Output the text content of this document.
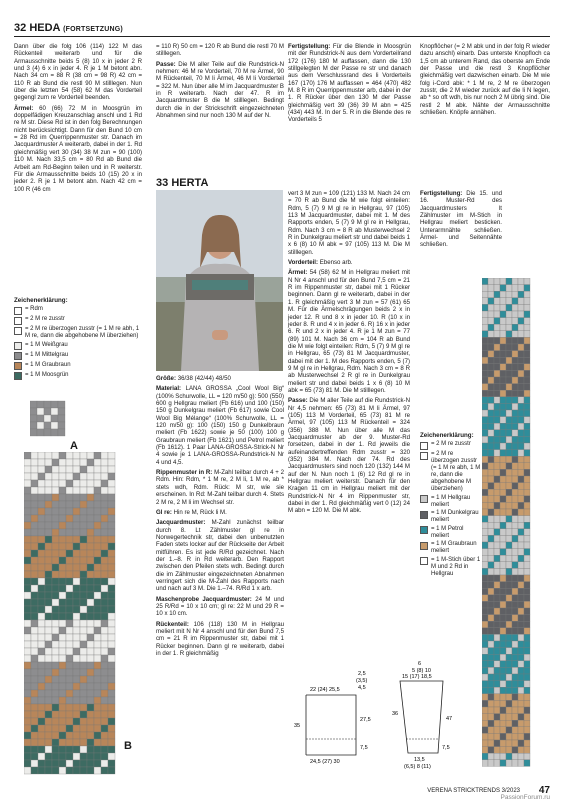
32 HEDA (FORTSETZUNG)

Dann über die folg 106 (114) 122 M das Rückenteil weiterarb und für die Armausschnitte beids 5 (8) 10 x in jeder 2 R und 3 (4) 6 x in jeder 4. R je 1 M betont abn. Nach 34 cm = 88 R (38 cm = 98 R) 42 cm = 110 R ab Bund die restl 90 M stilllegen. Nun über die letzten 54 (58) 62 M das Vorderteil gegengl zum re Vorderteil beenden.

Ärmel: 60 (66) 72 M in Moosgrün im doppelfädigen Kreuzanschlag anschl und 1 Rd re M str. Diese Rd ist in den folg Berechnungen nicht berücksichtigt. Dann für den Bund 10 cm = 28 Rd im Querrippenmuster str. Danach im Jacquardmuster A weiterarb, dabei in der 1. Rd gleichmäßig vert 30 (34) 38 M zun = 90 (100) 110 M. Nach 33,5 cm = 80 Rd ab Bund die Arbeit am Rd-Beginn teilen und in R weiterstr. Für die Armausschnitte beids 10 (15) 20 x in jeder 2. R je 1 M betont abn. Nach 42 cm = 100 R (46 cm

Zeichenerklärung:
= Rdm
= 2 M re zusstr
= 2 M re überzogen zusstr (= 1 M re abh, 1 M re, dann die abgehobene M überziehen)
= 1 M Weißgrau
= 1 M Mittelgrau
= 1 M Graubraun
= 1 M Moosgrün
A
B

= 110 R) 50 cm = 120 R ab Bund die restl 70 M stilllegen.

Passe: Die M aller Teile auf die Rundstrick-N nehmen: 46 M re Vorderteil, 70 M re Ärmel, 90 M Rückenteil, 70 M li Ärmel, 46 M li Vorderteil = 322 M. Nun über alle M im Jacquardmuster B in R weiterarb. Nach der 47. R im Jacquardmuster B die M stilllegen. Bedingt durch die in der Strickschrift eingezeichneten Abnahmen sind nur noch 130 M auf der N.

Fertigstellung: Für die Blende in Moosgrün mit der Rundstrick-N aus dem Vorderteilrand 172 (176) 180 M auffassen, dann die 130 stillgelegten M der Passe re str und danach aus dem Verschlussrand des li Vorderteils 167 (170) 176 M auffassen = 464 (470) 482 M. 8 R im Querrippenmuster arb, dabei in der 1. R Rücker über den 130 M der Passe gleichmäßig vert 39 (36) 39 M abn = 425 (434) 443 M. In der 5. R in die Blende des re Vorderteils 5

Knopflöcher (= 2 M abk und in der folg R wieder dazu anschl) einarb. Das unterste Knopfloch ca 1,5 cm ab unterem Rand, das oberste am Ende der Passe und die restl 3 Knopflöcher gleichmäßig vert dazwischen einarb. Die M wie folg i-Cord abk: * 1 M re, 2 M re überzogen zusstr, die 2 M wieder zurück auf die li N legen, ab * so oft wdh, bis nur noch 2 M übrig sind. Die restl 2 M abk. Nähte der Armausschnitte schließen. Knöpfe annähen.

33 HERTA

Größe: 36/38 (42/44) 48/50

Material: LANA GROSSA „Cool Wool Big“ (100% Schurwolle, LL = 120 m/50 g): 500 (550) 600 g Hellgrau meliert (Fb 616) und 100 (150) 150 g Dunkelgrau meliert (Fb 617) sowie Cool Wool Big Mélange“ (100% Schurwolle, LL = 120 m/50 g): 100 (150) 150 g Dunkelbraun meliert (Fb 1622) sowie je 50 (100) 100 g Graubraun meliert (Fb 1621) und Petrol meliert (Fb 1612). 1 Paar LANA-GROSSA-Strick-N Nr 4 sowie je 1 LANA-GROSSA-Rundstrick-N Nr 4 und 4,5.

Rippenmuster in R: M-Zahl teilbar durch 4 + 2 Rdm. Hin: Rdm, * 1 M re, 2 M li, 1 M re, ab * stets wdh, Rdm. Rück: M str, wie sie erscheinen. In Rd: M-Zahl teilbar durch 4. Stets 2 M re, 2 M li im Wechsel str.

Gl re: Hin re M, Rück li M.

Jacquardmuster: M-Zahl zunächst teilbar durch 8. Lt Zählmuster gl re in Norwegertechnik str, dabei den unbenutzten Faden stets locker auf der Rückseite der Arbeit mitführen. Es ist jede R/Rd gezeichnet. Nach der 1.–8. R in Rd weiterarb. Den Rapport zwischen den Pfeilen stets wdh. Bedingt durch die im Zählmuster eingezeichneten Abnahmen verringert sich die M-Zahl des Rapports nach und nach auf 3 M. Die 1.–74. R/Rd 1 x arb.

Maschenprobe Jacquardmuster: 24 M und 25 R/Rd = 10 x 10 cm; gl re: 22 M und 29 R = 10 x 10 cm.

Rückenteil: 106 (118) 130 M in Hellgrau meliert mit N Nr 4 anschl und für den Bund 7,5 cm = 21 R im Rippenmuster str, dabei mit 1 Rücker beginnen. Dann gl re weiterarb, dabei in der 1. R gleichmäßig

vert 3 M zun = 109 (121) 133 M. Nach 24 cm = 70 R ab Bund die M wie folgt einteilen: Rdm, 5 (7) 9 M gl re in Hellgrau, 97 (105) 113 M Jacquardmuster, dabei mit 1. M des Rapports enden, 5 (7) 9 M gl re in Hellgrau, Rdm. Nach 3 cm = 8 R ab Musterwechsel 2 R in Dunkelgrau meliert str und dabei beids 1 x 6 (8) 10 M abk = 97 (105) 113 M. Die M stilllegen.

Vorderteil: Ebenso arb.

Ärmel: 54 (58) 62 M in Hellgrau meliert mit N Nr 4 anschl und für den Bund 7,5 cm = 21 R im Rippenmuster str, dabei mit 1 Rücker beginnen. Dann gl re weiterarb, dabei in der 1. R gleichmäßig vert 3 M zun = 57 (61) 65 M. Für die Ärmelschrägungen beids 2 x in jeder 12. R und 8 x in jeder 10. R (10 x in jeder 8. R und 4 x in jeder 6. R) 16 x in jeder 6. R und 2 x in jeder 4. R je 1 M zun = 77 (89) 101 M. Nach 36 cm = 104 R ab Bund die M wie folgt einteilen: Rdm, 5 (7) 9 M gl re in Hellgrau, 65 (73) 81 M Jacquardmuster, dabei mit der 1. M des Rapports enden, 5 (7) 9 M gl re in Hellgrau, Rdm. Nach 3 cm = 8 R ab Musterwechsel 2 R gl re in Dunkelgrau meliert str und dabei beids 1 x 6 (8) 10 M abk = 65 (73) 81 M. Die M stilllegen.

Passe: Die M aller Teile auf die Rundstrick-N Nr 4,5 nehmen: 65 (73) 81 M li Ärmel, 97 (105) 113 M Vorderteil, 65 (73) 81 M re Ärmel, 97 (105) 113 M Rückenteil = 324 (356) 388 M. Nun über alle M das Jacquardmuster ab der 9. Muster-Rd forsetzen, dabei in der 1. Rd jeweils die aufeinandertreffenden Rdm zusstr = 320 (352) 384 M. Nach der 74. Rd des Jacquardmusters sind noch 120 (132) 144 M auf der N. Nun noch 1 (6) 12 Rd gl re in Hellgrau meliert weiterstr. Danach für den Kragen 11 cm in Hellgrau meliert mit der Rundstrick-N Nr 4 im Rippenmuster str, dabei in der 1. Rd gleichmäßig vert 0 (12) 24 M abn = 120 M. Die M abk.

Fertigstellung: Die 15. und 16. Muster-Rd des Jacquardmusters lt Zählmuster im M-Stich in Hellgrau meliert besticken. Unterarmnähte schließen. Ärmel- und Seitennähte schließen.

Zeichenerklärung:
= 2 M re zusstr
= 2 M re überzogen zusstr (= 1 M re abh, 1 M re, dann die abgehobene M überziehen)
= 1 M Hellgrau meliert
= 1 M Dunkelgrau meliert
= 1 M Petrol meliert
= 1 M Graubraun meliert
= 1 M-Stich über 1 M und 2 Rd in Hellgrau
2,5
(3,5)
4,5
22 (24) 25,5
35
27,5
7,5
24,5 (27) 30
6
5 (8) 10
47
15 (17) 18,5
36
7,5
13,5
(6,5) 8 (11)
VERENA STRICKTRENDS 3/2023 47
PassionForum.ru
